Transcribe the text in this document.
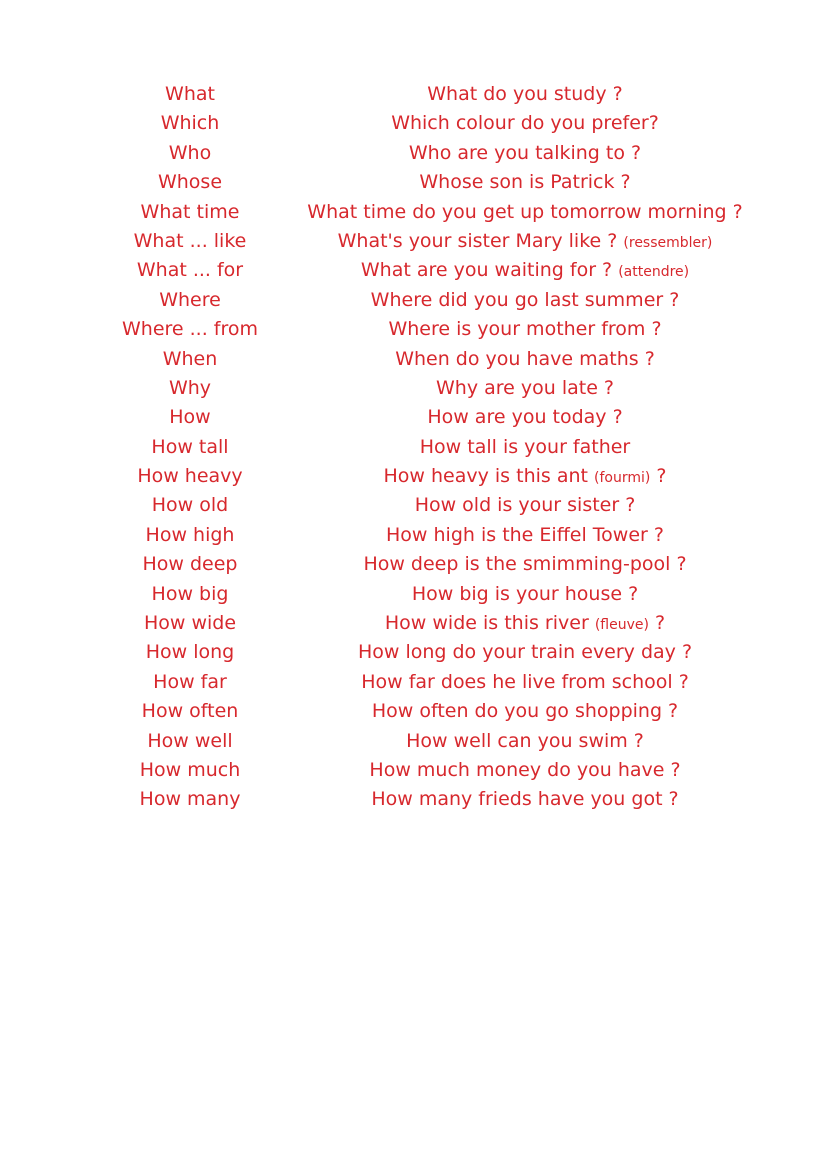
What	What do you study ?
Which	Which colour do you prefer?
Who	Who are you talking to ?
Whose	Whose son is Patrick ?
What time	What time do you get up tomorrow morning ?
What ... like	What's your sister Mary like ? (ressembler)
What ... for	What are you waiting for ? (attendre)
Where	Where did you go last summer ?
Where ... from	Where is your mother from ?
When	When do you have maths ?
Why	Why are you late ?
How	How are you today ?
How tall	How tall is your father
How heavy	How heavy is this ant (fourmi) ?
How old	How old is your sister ?
How high	How high is the Eiffel Tower ?
How deep	How deep is the smimming-pool ?
How big	How big is your house ?
How wide	How wide is this river (fleuve) ?
How long	How long do your train every day ?
How far	How far does he live from school ?
How often	How often do you go shopping ?
How well	How well can you swim ?
How much	How much money do you have ?
How many	How many frieds have you got ?
